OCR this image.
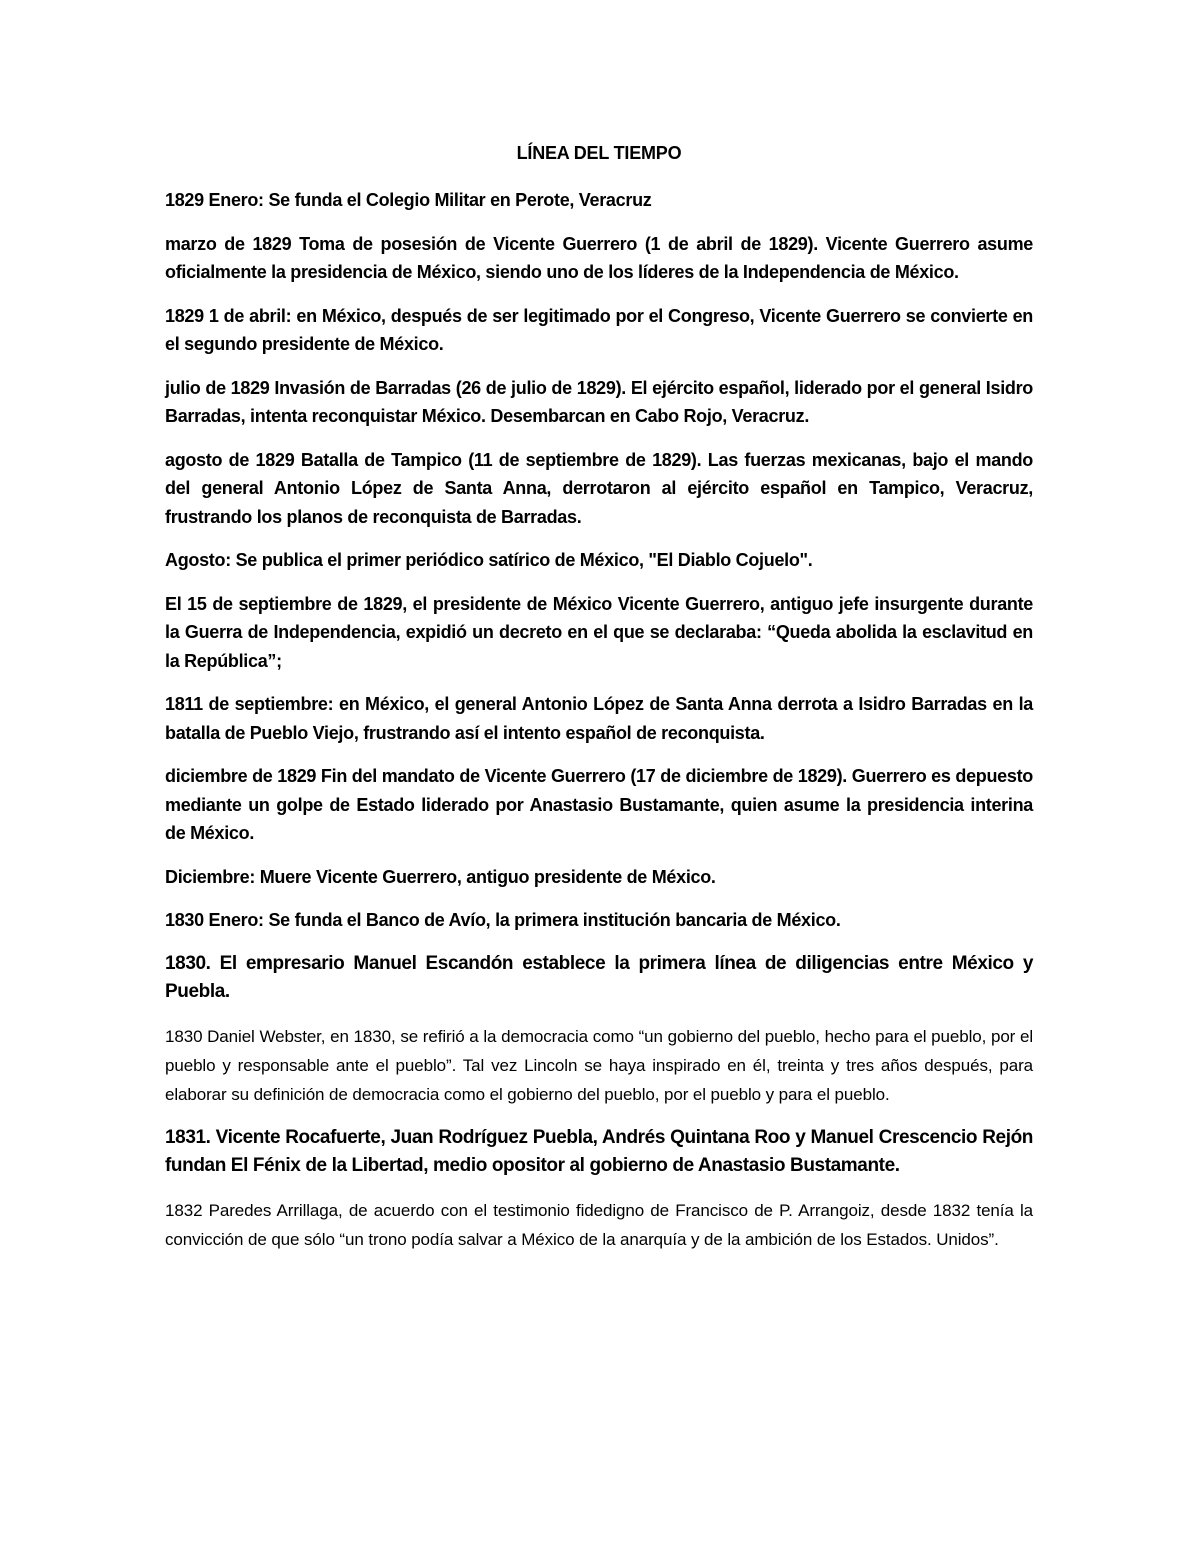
LÍNEA DEL TIEMPO

1829 Enero: Se funda el Colegio Militar en Perote, Veracruz

marzo de 1829 Toma de posesión de Vicente Guerrero (1 de abril de 1829). Vicente Guerrero asume oficialmente la presidencia de México, siendo uno de los líderes de la Independencia de México.

1829 1 de abril: en México, después de ser legitimado por el Congreso, Vicente Guerrero se convierte en el segundo presidente de México.

julio de 1829 Invasión de Barradas (26 de julio de 1829). El ejército español, liderado por el general Isidro Barradas, intenta reconquistar México. Desembarcan en Cabo Rojo, Veracruz.

agosto de 1829 Batalla de Tampico (11 de septiembre de 1829). Las fuerzas mexicanas, bajo el mando del general Antonio López de Santa Anna, derrotaron al ejército español en Tampico, Veracruz, frustrando los planos de reconquista de Barradas.

Agosto: Se publica el primer periódico satírico de México, "El Diablo Cojuelo".

El 15 de septiembre de 1829, el presidente de México Vicente Guerrero, antiguo jefe insurgente durante la Guerra de Independencia, expidió un decreto en el que se declaraba: “Queda abolida la esclavitud en la República”;

1811 de septiembre: en México, el general Antonio López de Santa Anna derrota a Isidro Barradas en la batalla de Pueblo Viejo, frustrando así el intento español de reconquista.

diciembre de 1829 Fin del mandato de Vicente Guerrero (17 de diciembre de 1829). Guerrero es depuesto mediante un golpe de Estado liderado por Anastasio Bustamante, quien asume la presidencia interina de México.

Diciembre: Muere Vicente Guerrero, antiguo presidente de México.

1830 Enero: Se funda el Banco de Avío, la primera institución bancaria de México.

1830. El empresario Manuel Escandón establece la primera línea de diligencias entre México y Puebla.

1830 Daniel Webster, en 1830, se refirió a la democracia como “un gobierno del pueblo, hecho para el pueblo, por el pueblo y responsable ante el pueblo”. Tal vez Lincoln se haya inspirado en él, treinta y tres años después, para elaborar su definición de democracia como el gobierno del pueblo, por el pueblo y para el pueblo.

1831. Vicente Rocafuerte, Juan Rodríguez Puebla, Andrés Quintana Roo y Manuel Crescencio Rejón fundan El Fénix de la Libertad, medio opositor al gobierno de Anastasio Bustamante.

1832 Paredes Arrillaga, de acuerdo con el testimonio fidedigno de Francisco de P. Arrangoiz, desde 1832 tenía la convicción de que sólo “un trono podía salvar a México de la anarquía y de la ambición de los Estados. Unidos”.
